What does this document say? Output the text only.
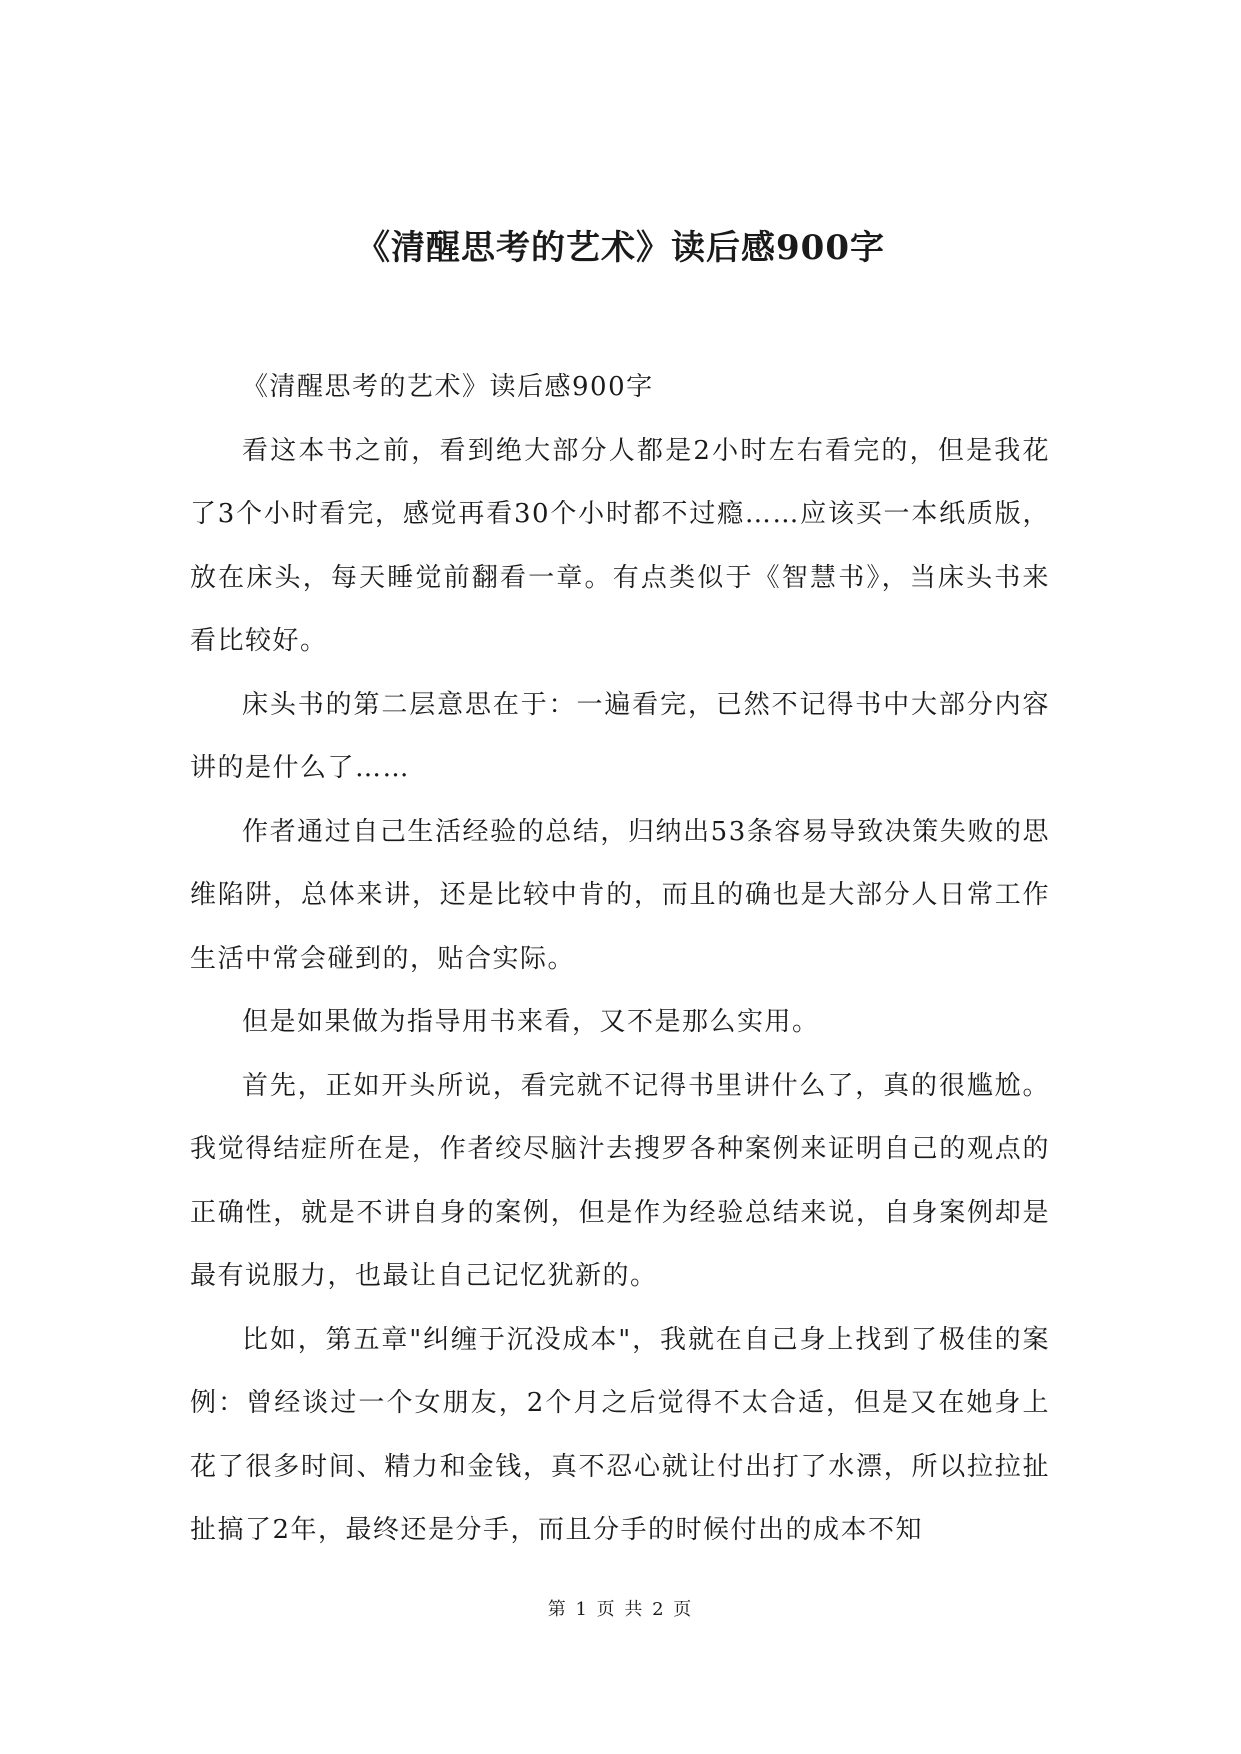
《清醒思考的艺术》读后感900字

《清醒思考的艺术》读后感900字

看这本书之前，看到绝大部分人都是2小时左右看完的，但是我花了3个小时看完，感觉再看30个小时都不过瘾……应该买一本纸质版，放在床头，每天睡觉前翻看一章。有点类似于《智慧书》，当床头书来看比较好。

床头书的第二层意思在于：一遍看完，已然不记得书中大部分内容讲的是什么了……

作者通过自己生活经验的总结，归纳出53条容易导致决策失败的思维陷阱，总体来讲，还是比较中肯的，而且的确也是大部分人日常工作生活中常会碰到的，贴合实际。

但是如果做为指导用书来看，又不是那么实用。

首先，正如开头所说，看完就不记得书里讲什么了，真的很尴尬。我觉得结症所在是，作者绞尽脑汁去搜罗各种案例来证明自己的观点的正确性，就是不讲自身的案例，但是作为经验总结来说，自身案例却是最有说服力，也最让自己记忆犹新的。

比如，第五章"纠缠于沉没成本"，我就在自己身上找到了极佳的案例：曾经谈过一个女朋友，2个月之后觉得不太合适，但是又在她身上花了很多时间、精力和金钱，真不忍心就让付出打了水漂，所以拉拉扯扯搞了2年，最终还是分手，而且分手的时候付出的成本不知

第 1 页 共 2 页
